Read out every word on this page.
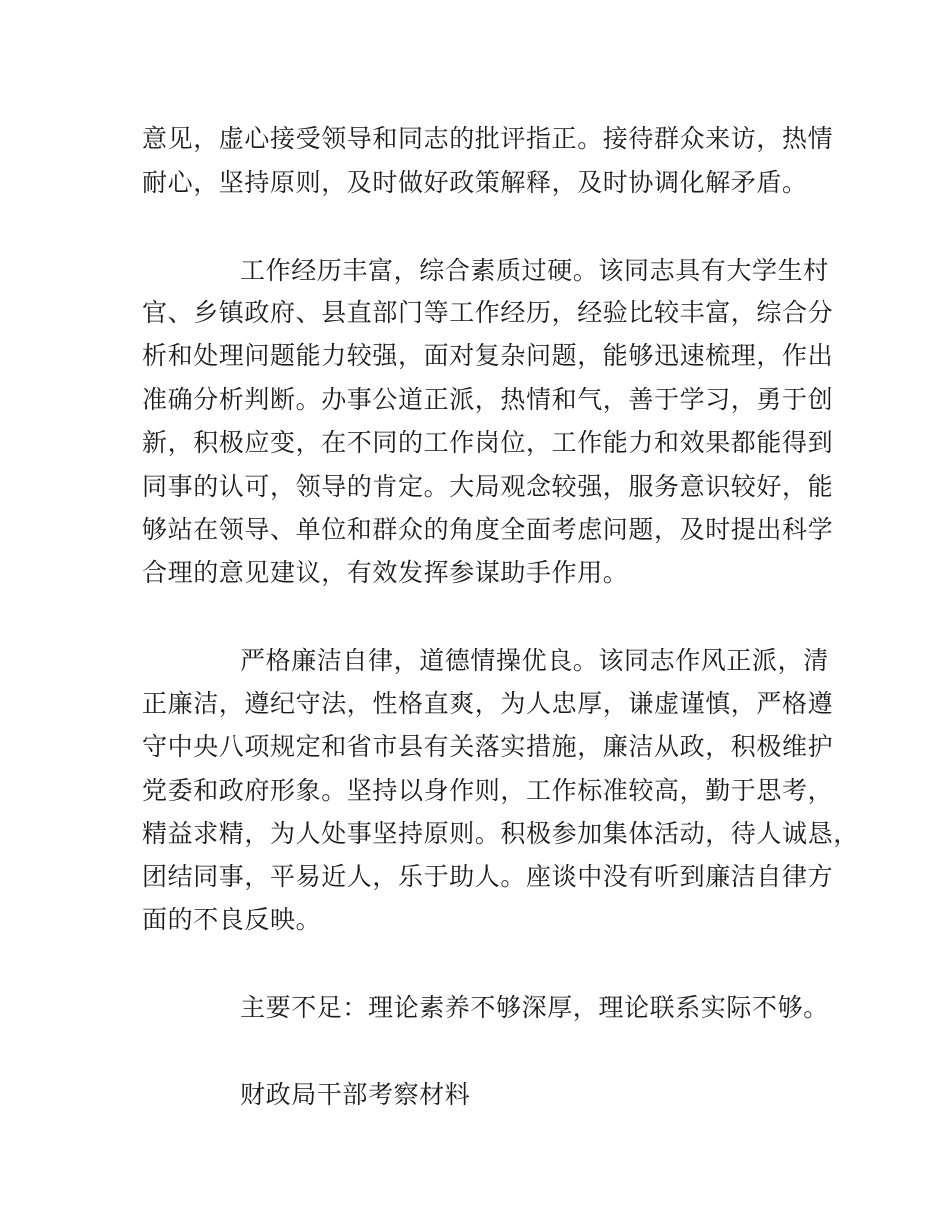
意见，虚心接受领导和同志的批评指正。接待群众来访，热情

耐心，坚持原则，及时做好政策解释，及时协调化解矛盾。

工作经历丰富，综合素质过硬。该同志具有大学生村

官、乡镇政府、县直部门等工作经历，经验比较丰富，综合分

析和处理问题能力较强，面对复杂问题，能够迅速梳理，作出

准确分析判断。办事公道正派，热情和气，善于学习，勇于创

新，积极应变，在不同的工作岗位，工作能力和效果都能得到

同事的认可，领导的肯定。大局观念较强，服务意识较好，能

够站在领导、单位和群众的角度全面考虑问题，及时提出科学

合理的意见建议，有效发挥参谋助手作用。

严格廉洁自律，道德情操优良。该同志作风正派，清

正廉洁，遵纪守法，性格直爽，为人忠厚，谦虚谨慎，严格遵

守中央八项规定和省市县有关落实措施，廉洁从政，积极维护

党委和政府形象。坚持以身作则，工作标准较高，勤于思考，

精益求精，为人处事坚持原则。积极参加集体活动，待人诚恳，

团结同事，平易近人，乐于助人。座谈中没有听到廉洁自律方

面的不良反映。

主要不足：理论素养不够深厚，理论联系实际不够。

财政局干部考察材料
